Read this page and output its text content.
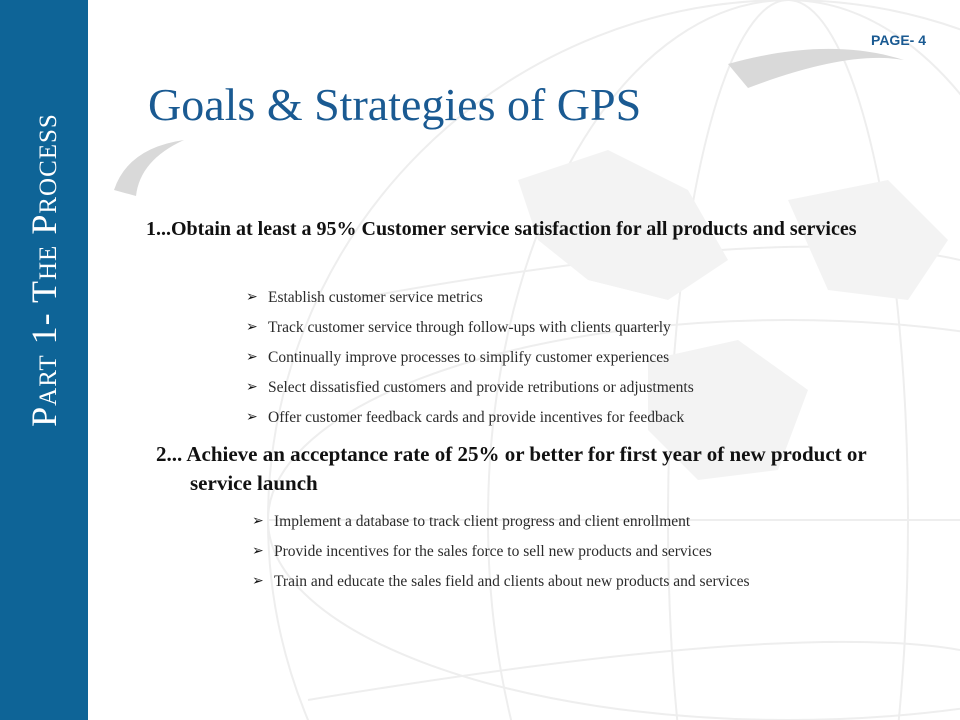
Part 1- The Process
PAGE- 4
Goals & Strategies of GPS
1...Obtain at least a 95% Customer service satisfaction for all products and services
➢ Establish customer service metrics
➢ Track customer service through follow-ups with clients quarterly
➢ Continually improve processes to simplify customer experiences
➢ Select dissatisfied customers and provide retributions or adjustments
➢ Offer customer feedback cards and provide incentives for feedback
2... Achieve an acceptance rate of 25% or better for first year of new product or service launch
➢ Implement a database to track client progress and client enrollment
➢ Provide incentives for the sales force to sell new products and services
➢ Train and educate the sales field and clients about new products and services
